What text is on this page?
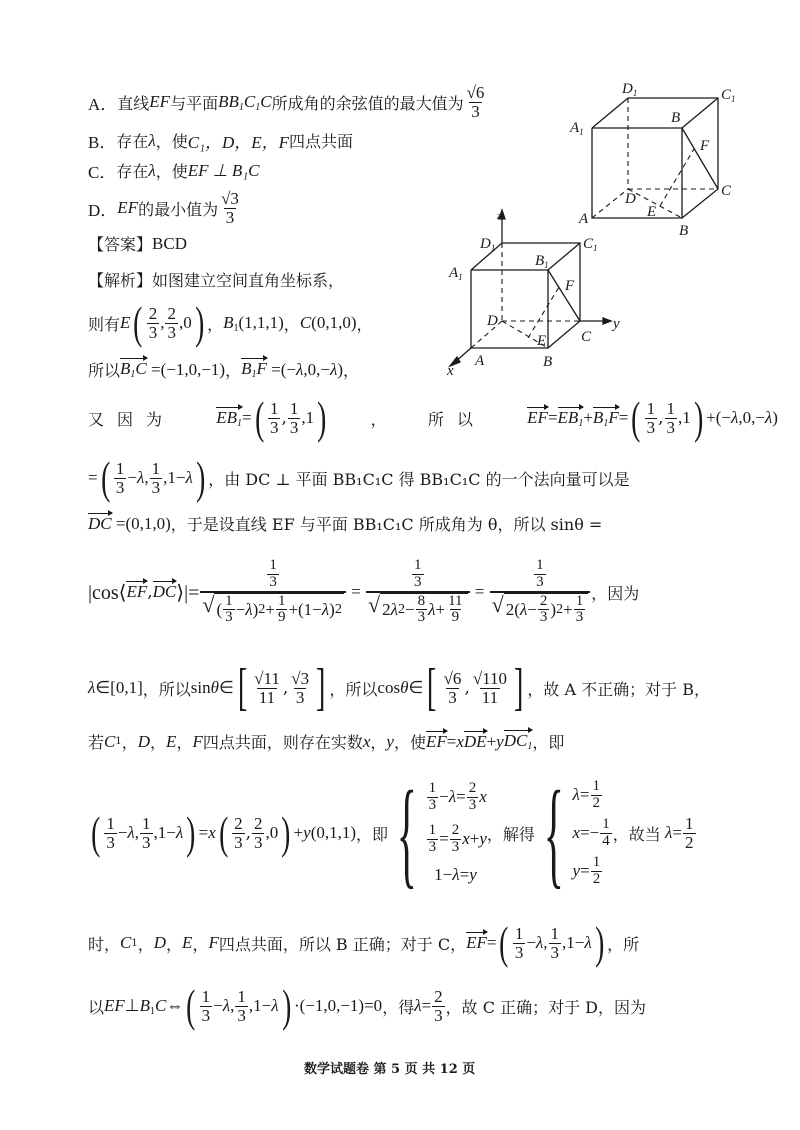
A． 直线 EF 与平面 $BB_1C_1C$ 所成角的余弦值的最大值为 $\frac{√6}{3}$
B． 存在 λ ，使 C₁，D，E，F 四点共面
C． 存在 λ ，使 EF ⊥ B₁C
D． EF 的最小值为 $\frac{√3}{3}$
$D_1$	$C_1$
$A_1$
B
F
C
D
E
A
B
【答案】 BCD
z
$D_1$	$C_1$
$A_1$
$B_1$
F
D
E
y
C
x
A	B
【解析】 如图建立空间直角坐标系，
则有 E ( $\frac{2}{3}$ , $\frac{2}{3} ,0$ ) ， $B_1(1,1,1)$ ， C(0,1,0) ，
所以 $B_1C =(-1,0,-1)$ ， $B_1F =(-\lambda,0,-\lambda)$ ，
又因为 $EB_1$ = ( $\frac{1}{3}$ , $\frac{1}{3} ,1$ )	，	所以 EF = $EB_1 + B_1F$ = ( $\frac{1}{3}$ , $\frac{1}{3} ,1$ ) +(−λ,0,−λ)
= ( $\frac{1}{3} -\lambda$, $\frac{1}{3} ,1-\lambda$ ) ，由 DC ⊥ 平面 BB₁C₁C 得 BB₁C₁C 的一个法向量可以是
DC =(0,1,0) ，于是设直线 EF 与平面 BB₁C₁C 所成角为 θ，所以 sinθ =
|cos⟨ EF , DC ⟩|= $\frac{\frac{1}{3}}{√ ( \frac{1}{3} - \lambda ) 2 + \frac{1}{9} +(1- \lambda ) 2} = \frac{\frac{1}{3}}{√ 2 \lambda 2 - \frac{8}{3} \lambda + \frac{11}{9}} = \frac{\frac{1}{3}}{√ 2( \lambda - \frac{2}{3} ) 2 + \frac{1}{3}}$ ，因为
λ∈[0,1] ，所以 sinθ∈ [ $\frac{√11}{11}$ , $\frac{√3}{3}$ ] ，所以 cosθ∈ [ $\frac{√6}{3}$ , $\frac{√110}{11}$ ] ，故 A 不正确；对于 B，
若 C 1 ， D ， E ， F 四点共面，则存在实数 x ， y ，使 EF =x DE +y $DC_1$ ，即
( $\frac{1}{3} -\lambda$, $\frac{1}{3} ,1-\lambda$ ) =x ( $\frac{2}{3}$ , $\frac{2}{3} ,0$ ) +y(0,1,1) ，即 { $\frac{1}{3} - \lambda = \frac{2}{3}$ x
$\frac{1}{3} = \frac{2}{3}$ x + y
1− λ = y
，解得 { $\lambda = \frac{1}{2}$
$x =- \frac{1}{4}$
$y = \frac{1}{2}$
，故当 $\lambda= \frac{1}{2}$
时， C 1 ， D ， E ， F 四点共面，所以 B 正确；对于 C， EF = ( $\frac{1}{3} -\lambda$, $\frac{1}{3} ,1-\lambda$ ) ，所
以 $EF\perp B_1C\Leftrightarrow$ ( $\frac{1}{3} -\lambda$, $\frac{1}{3} ,1-\lambda$ ) ·(−1,0,−1)=0 ，得 $\lambda= \frac{2}{3}$ ，故 C 正确；对于 D，因为
数学试题卷 第 5 页 共 12 页
